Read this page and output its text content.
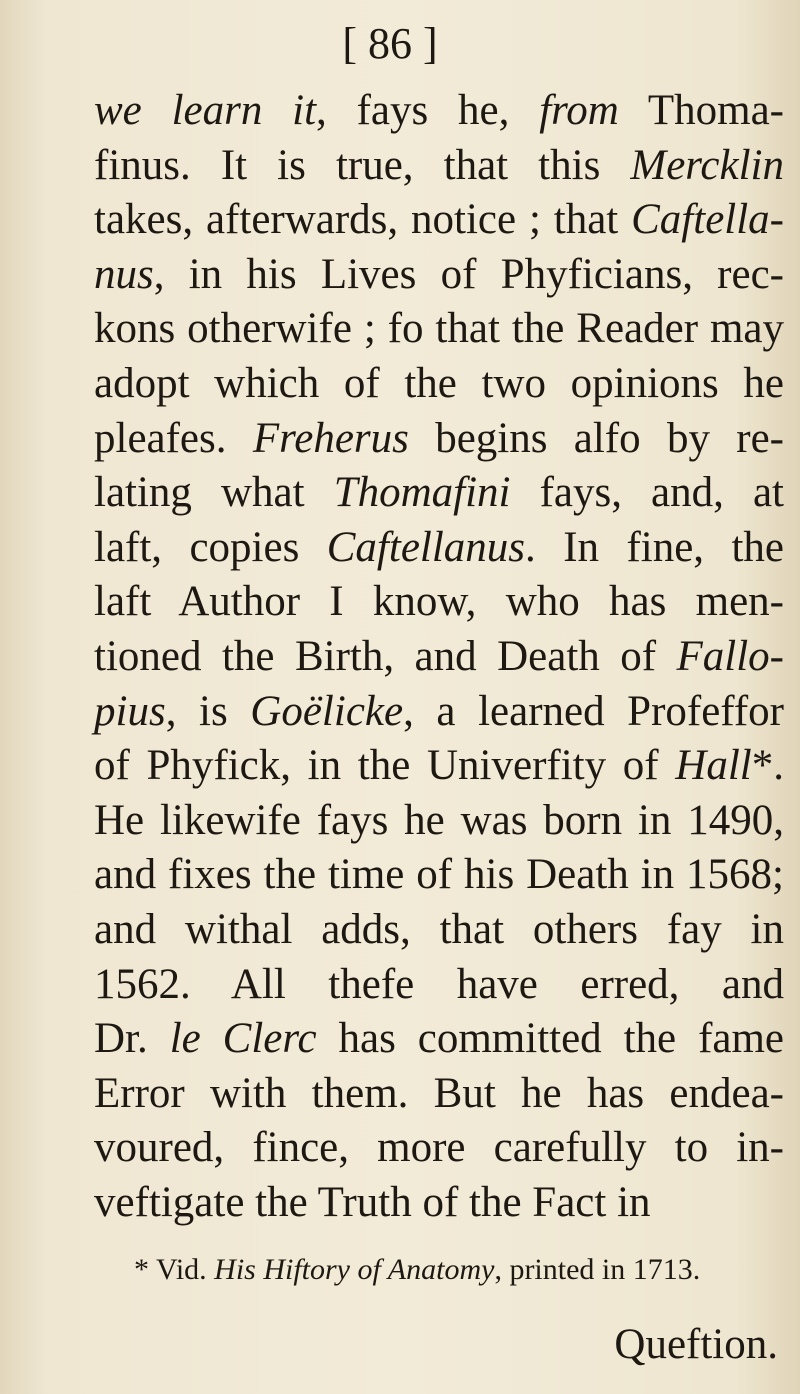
[ 86 ]
we learn it, fays he, from Thoma-
finus. It is true, that this Mercklin
takes, afterwards, notice ; that Caftella-
nus, in his Lives of Phyficians, rec-
kons otherwife ; fo that the Reader may
adopt which of the two opinions he
pleafes. Freherus begins alfo by re-
lating what Thomafini fays, and, at
laft, copies Caftellanus. In fine, the
laft Author I know, who has men-
tioned the Birth, and Death of Fallo-
pius, is Goëlicke, a learned Profeffor
of Phyfick, in the Univerfity of Hall*.
He likewife fays he was born in 1490,
and fixes the time of his Death in 1568;
and withal adds, that others fay in
1562. All thefe have erred, and
Dr. le Clerc has committed the fame
Error with them. But he has endea-
voured, fince, more carefully to in-
veftigate the Truth of the Fact in
* Vid. His Hiftory of Anatomy, printed in 1713.
Queftion.
